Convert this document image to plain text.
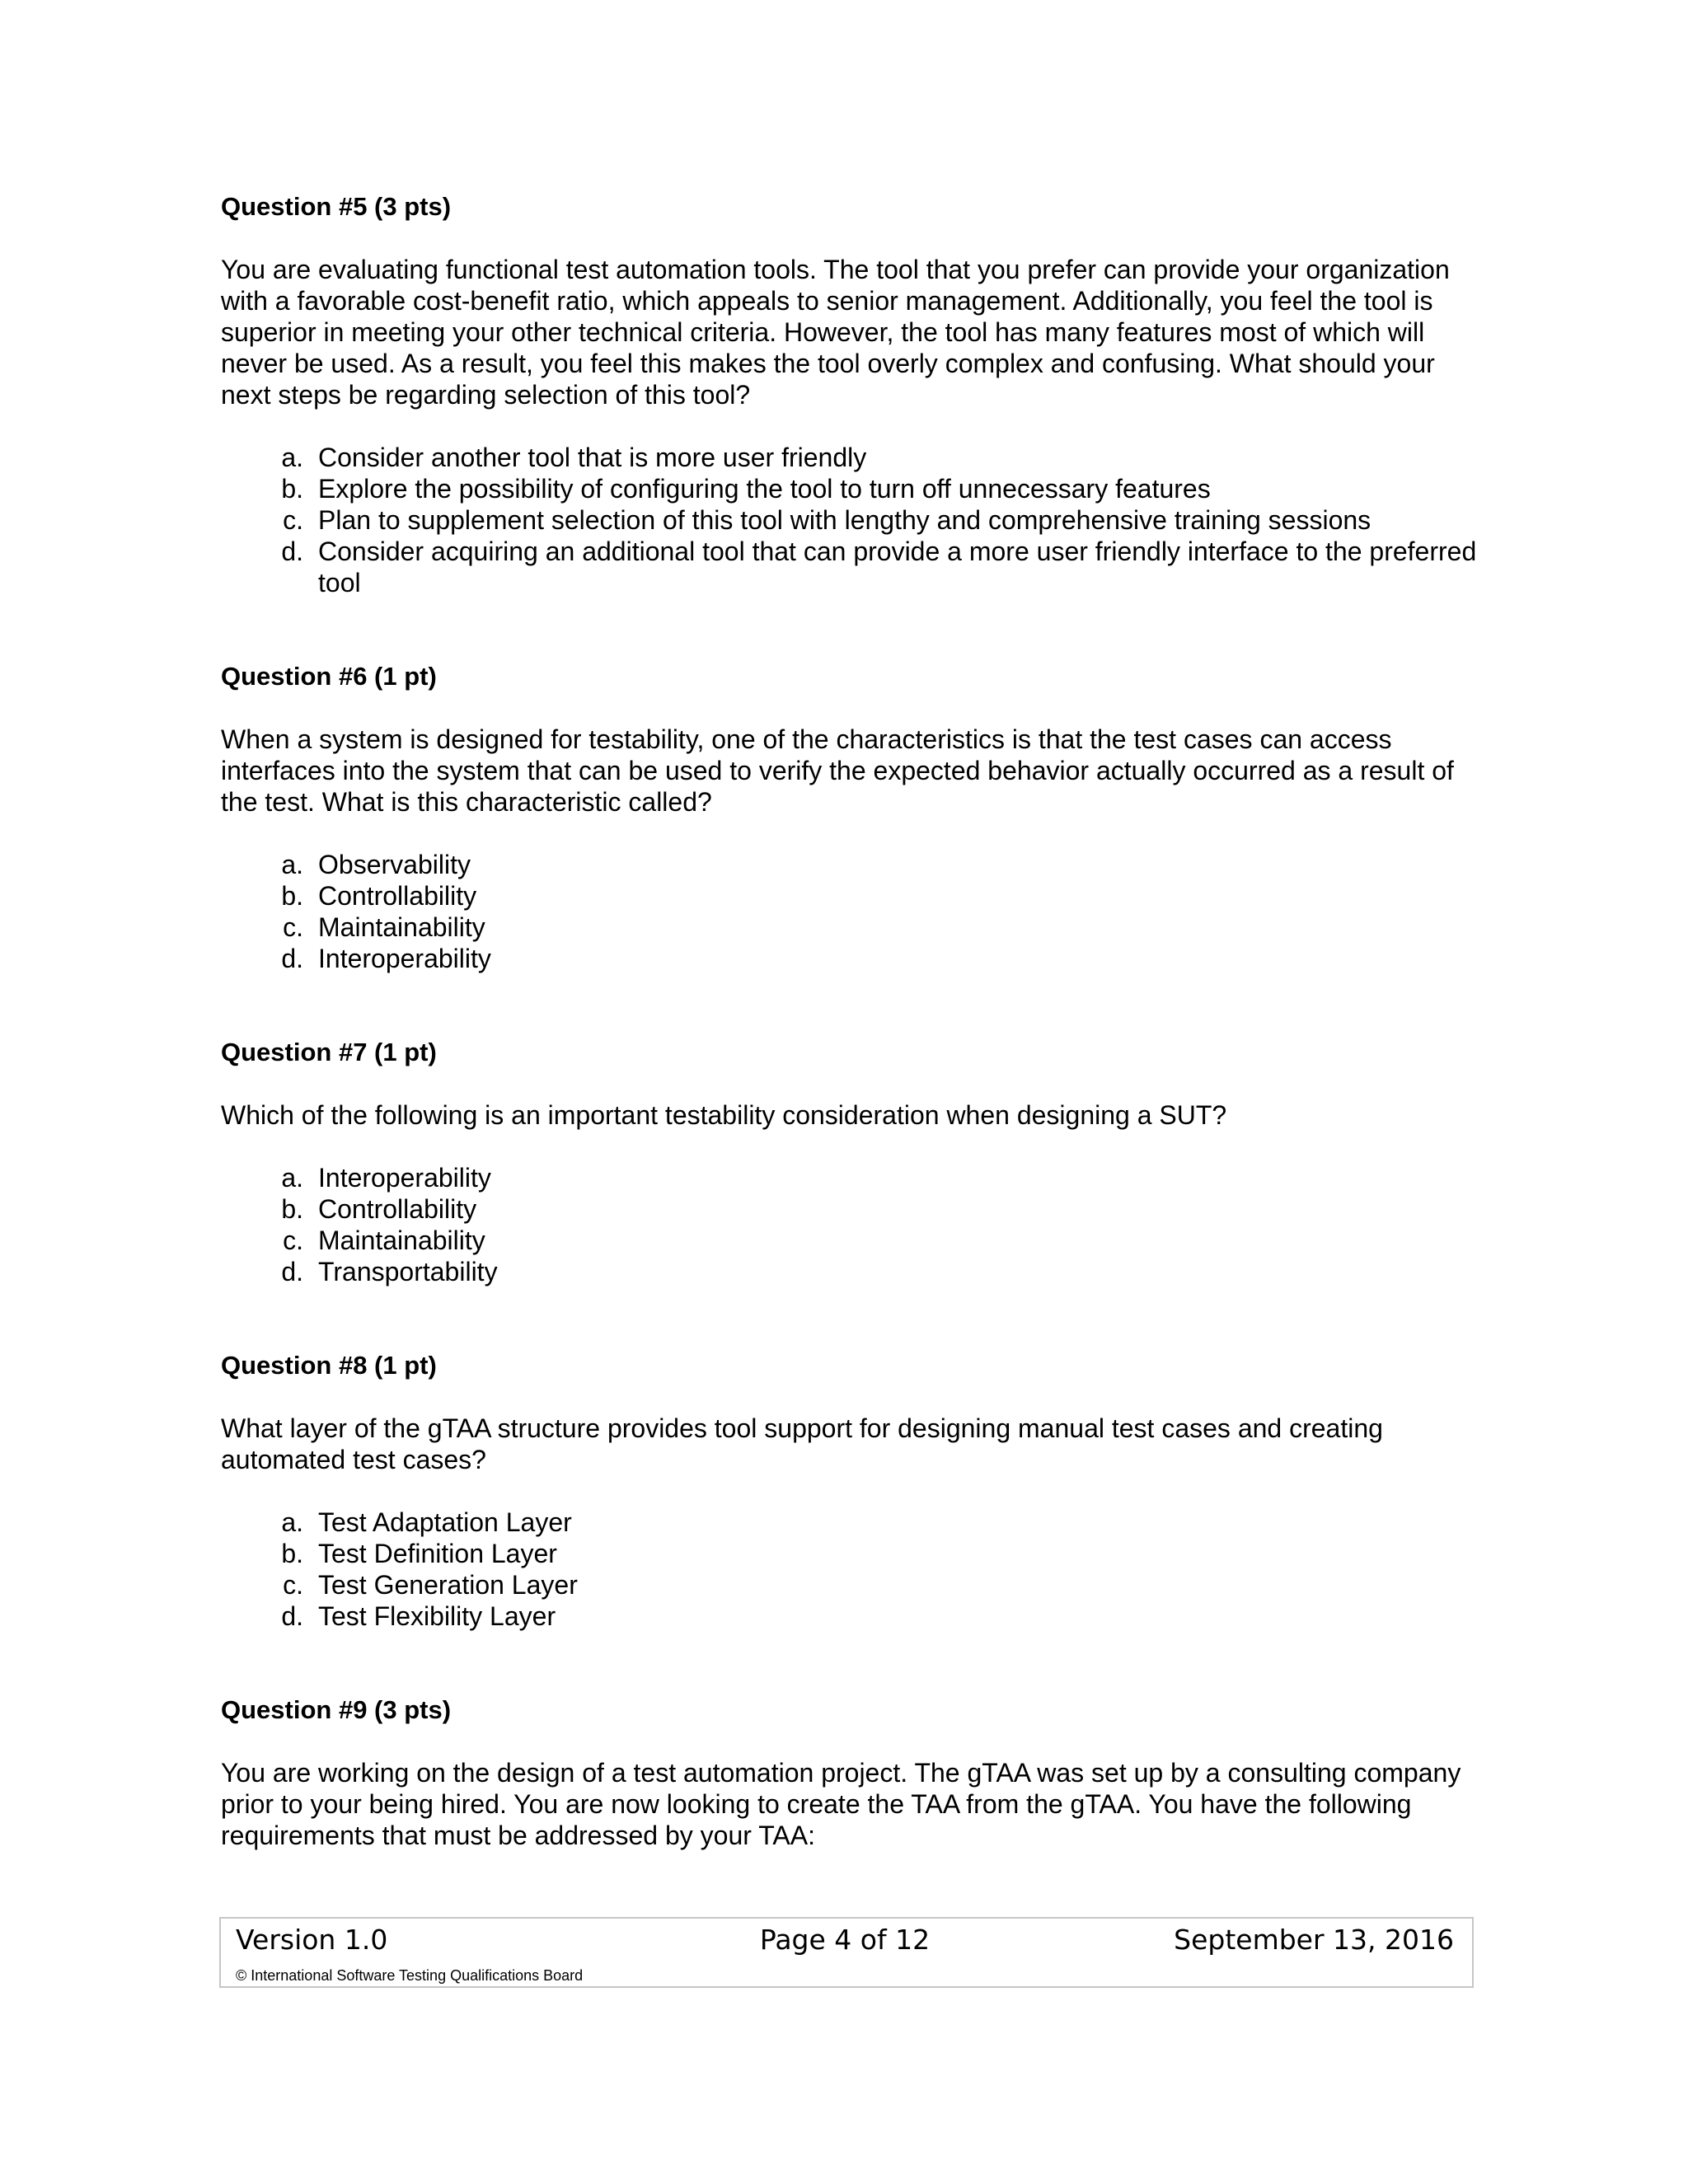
Question #5 (3 pts)

You are evaluating functional test automation tools. The tool that you prefer can provide your organization with a favorable cost-benefit ratio, which appeals to senior management. Additionally, you feel the tool is superior in meeting your other technical criteria. However, the tool has many features most of which will never be used. As a result, you feel this makes the tool overly complex and confusing. What should your next steps be regarding selection of this tool?

a. Consider another tool that is more user friendly
b. Explore the possibility of configuring the tool to turn off unnecessary features
c. Plan to supplement selection of this tool with lengthy and comprehensive training sessions
d. Consider acquiring an additional tool that can provide a more user friendly interface to the preferred tool

Question #6 (1 pt)

When a system is designed for testability, one of the characteristics is that the test cases can access interfaces into the system that can be used to verify the expected behavior actually occurred as a result of the test. What is this characteristic called?

a. Observability
b. Controllability
c. Maintainability
d. Interoperability

Question #7 (1 pt)

Which of the following is an important testability consideration when designing a SUT?

a. Interoperability
b. Controllability
c. Maintainability
d. Transportability

Question #8 (1 pt)

What layer of the gTAA structure provides tool support for designing manual test cases and creating automated test cases?

a. Test Adaptation Layer
b. Test Definition Layer
c. Test Generation Layer
d. Test Flexibility Layer

Question #9 (3 pts)

You are working on the design of a test automation project. The gTAA was set up by a consulting company prior to your being hired. You are now looking to create the TAA from the gTAA. You have the following requirements that must be addressed by your TAA:

Version 1.0	Page 4 of 12	September 13, 2016
© International Software Testing Qualifications Board
